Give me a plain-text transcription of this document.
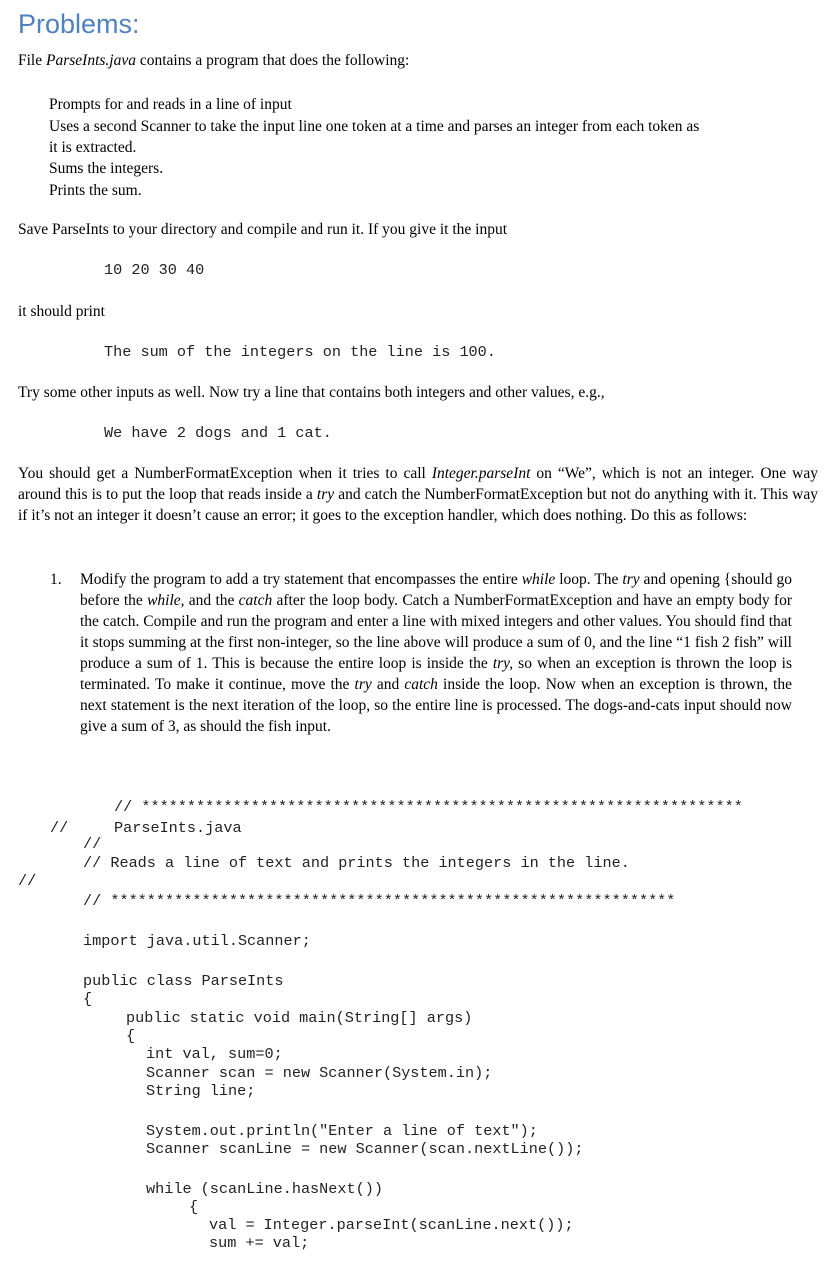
Problems:
File ParseInts.java contains a program that does the following:
Prompts for and reads in a line of input
Uses a second Scanner to take the input line one token at a time and parses an integer from each token as
it is extracted.
Sums the integers.
Prints the sum.
Save ParseInts to your directory and compile and run it. If you give it the input
10 20 30 40
it should print
The sum of the integers on the line is 100.
Try some other inputs as well. Now try a line that contains both integers and other values, e.g.,
We have 2 dogs and 1 cat.
You should get a NumberFormatException when it tries to call Integer.parseInt on “We”, which is not an integer. One way around this is to put the loop that reads inside a try and catch the NumberFormatException but not do anything with it. This way if it’s not an integer it doesn’t cause an error; it goes to the exception handler, which does nothing. Do this as follows:
1. Modify the program to add a try statement that encompasses the entire while loop. The try and opening {should go before the while, and the catch after the loop body. Catch a NumberFormatException and have an empty body for the catch. Compile and run the program and enter a line with mixed integers and other values. You should find that it stops summing at the first non-integer, so the line above will produce a sum of 0, and the line “1 fish 2 fish” will produce a sum of 1. This is because the entire loop is inside the try, so when an exception is thrown the loop is terminated. To make it continue, move the try and catch inside the loop. Now when an exception is thrown, the next statement is the next iteration of the loop, so the entire line is processed. The dogs-and-cats input should now give a sum of 3, as should the fish input.
// ******************************************************************
//	ParseInts.java
//
// Reads a line of text and prints the integers in the line.
//
// **************************************************************
import java.util.Scanner;
public class ParseInts
{
public static void main(String[] args)
{
int val, sum=0;
Scanner scan = new Scanner(System.in);
String line;
System.out.println("Enter a line of text");
Scanner scanLine = new Scanner(scan.nextLine());
while (scanLine.hasNext())
{
val = Integer.parseInt(scanLine.next());
sum += val;
